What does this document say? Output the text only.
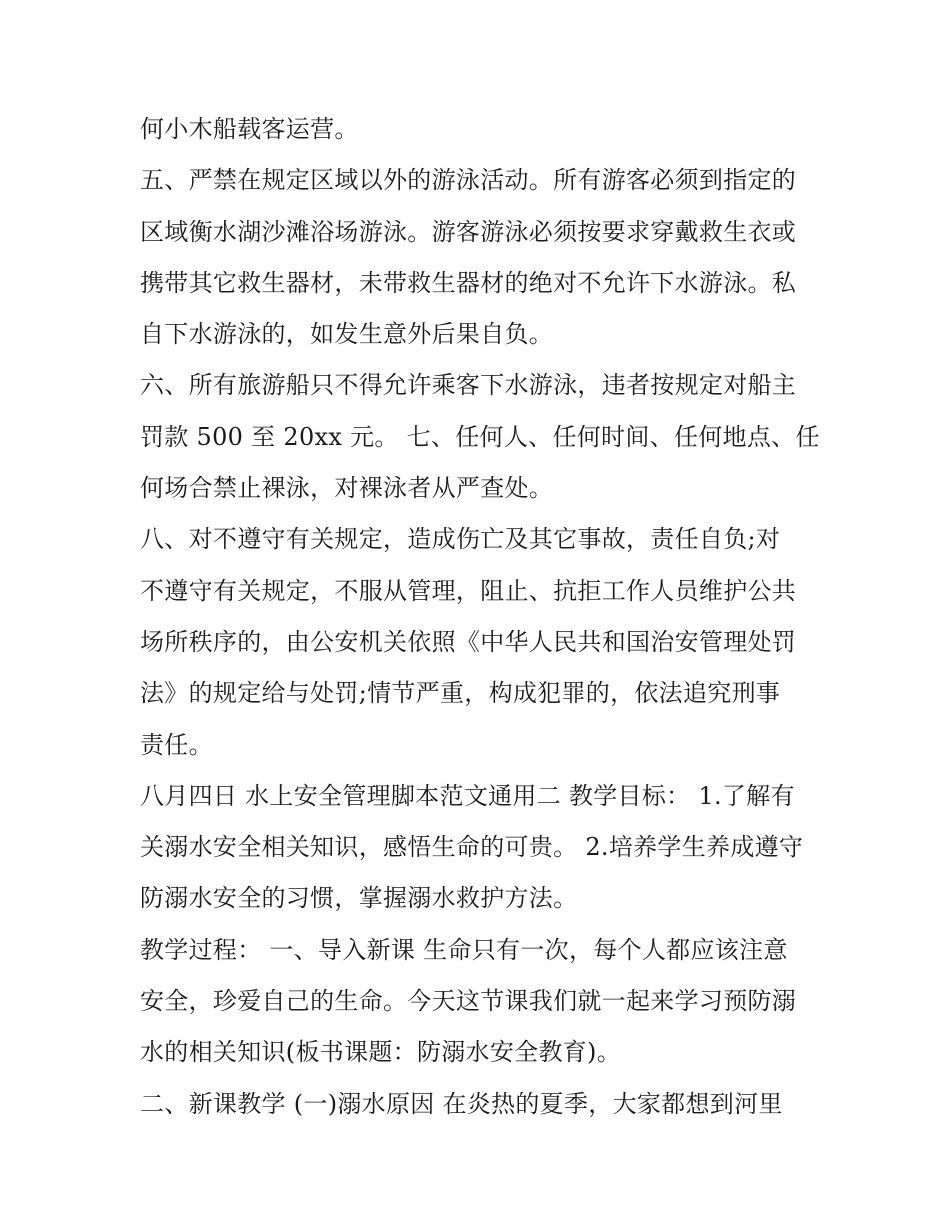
何小木船载客运营。
五、严禁在规定区域以外的游泳活动。所有游客必须到指定的
区域衡水湖沙滩浴场游泳。游客游泳必须按要求穿戴救生衣或
携带其它救生器材，未带救生器材的绝对不允许下水游泳。私
自下水游泳的，如发生意外后果自负。
六、所有旅游船只不得允许乘客下水游泳，违者按规定对船主
罚款 500 至 20xx 元。 七、任何人、任何时间、任何地点、任
何场合禁止裸泳，对裸泳者从严查处。
八、对不遵守有关规定，造成伤亡及其它事故，责任自负;对
不遵守有关规定，不服从管理，阻止、抗拒工作人员维护公共
场所秩序的，由公安机关依照《中华人民共和国治安管理处罚
法》的规定给与处罚;情节严重，构成犯罪的，依法追究刑事
责任。
八月四日 水上安全管理脚本范文通用二 教学目标： 1.了解有
关溺水安全相关知识，感悟生命的可贵。 2.培养学生养成遵守
防溺水安全的习惯，掌握溺水救护方法。
教学过程： 一、导入新课 生命只有一次，每个人都应该注意
安全，珍爱自己的生命。今天这节课我们就一起来学习预防溺
水的相关知识(板书课题：防溺水安全教育)。
二、新课教学 (一)溺水原因 在炎热的夏季，大家都想到河里
